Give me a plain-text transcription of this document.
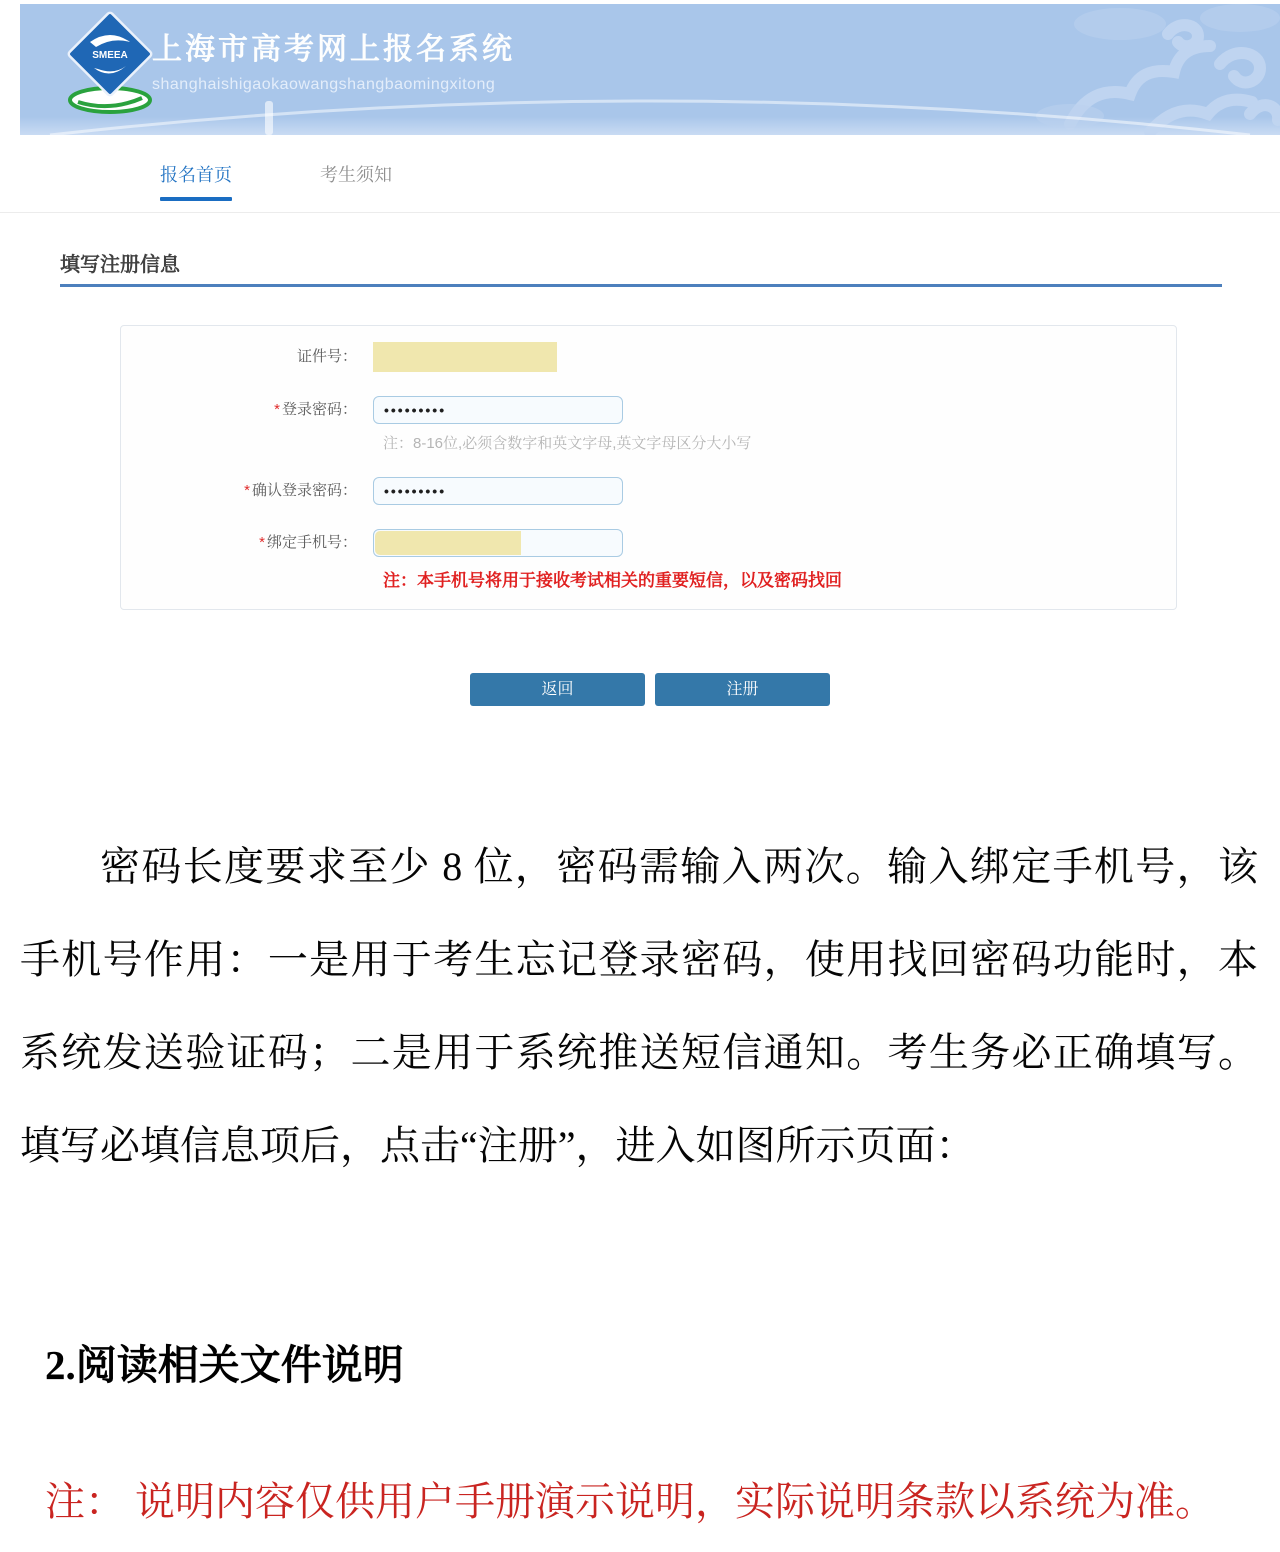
SMEEA 上海市高考网上报名系统
shanghaishigaokaowangshangbaomingxitong
报名首页	考生须知
填写注册信息
证件号：
* 登录密码：	•••••••••
注：8-16位,必须含数字和英文字母,英文字母区分大小写
* 确认登录密码：	•••••••••
* 绑定手机号：
注：本手机号将用于接收考试相关的重要短信，以及密码找回
返回	注册
密码长度要求至少 8 位，密码需输入两次。输入绑定手机号，该
手机号作用：一是用于考生忘记登录密码，使用找回密码功能时，本
系统发送验证码；二是用于系统推送短信通知。考生务必正确填写。
填写必填信息项后，点击“注册”，进入如图所示页面：
2.阅读相关文件说明
注： 说明内容仅供用户手册演示说明，实际说明条款以系统为准。
